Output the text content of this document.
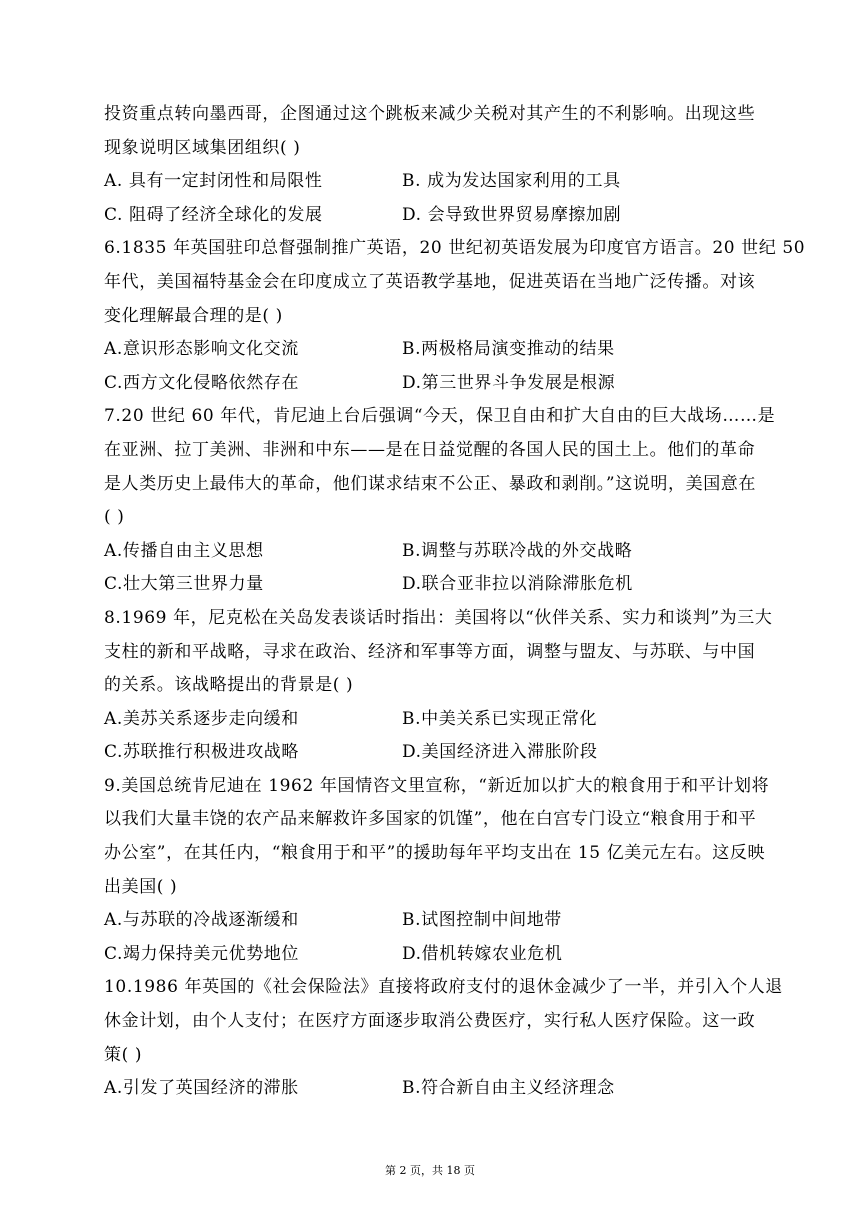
投资重点转向墨西哥，企图通过这个跳板来减少关税对其产生的不利影响。出现这些
现象说明区域集团组织( )
A. 具有一定封闭性和局限性	B. 成为发达国家利用的工具
C. 阻碍了经济全球化的发展	D. 会导致世界贸易摩擦加剧
6.1835 年英国驻印总督强制推广英语，20 世纪初英语发展为印度官方语言。20 世纪 50
年代，美国福特基金会在印度成立了英语教学基地，促进英语在当地广泛传播。对该
变化理解最合理的是( )
A.意识形态影响文化交流	B.两极格局演变推动的结果
C.西方文化侵略依然存在	D.第三世界斗争发展是根源
7.20 世纪 60 年代，肯尼迪上台后强调“今天，保卫自由和扩大自由的巨大战场……是
在亚洲、拉丁美洲、非洲和中东——是在日益觉醒的各国人民的国土上。他们的革命
是人类历史上最伟大的革命，他们谋求结束不公正、暴政和剥削。”这说明，美国意在
( )
A.传播自由主义思想	B.调整与苏联冷战的外交战略
C.壮大第三世界力量	D.联合亚非拉以消除滞胀危机
8.1969 年，尼克松在关岛发表谈话时指出：美国将以“伙伴关系、实力和谈判”为三大
支柱的新和平战略，寻求在政治、经济和军事等方面，调整与盟友、与苏联、与中国
的关系。该战略提出的背景是( )
A.美苏关系逐步走向缓和	B.中美关系已实现正常化
C.苏联推行积极进攻战略	D.美国经济进入滞胀阶段
9.美国总统肯尼迪在 1962 年国情咨文里宣称，“新近加以扩大的粮食用于和平计划将
以我们大量丰饶的农产品来解救许多国家的饥馑”，他在白宫专门设立“粮食用于和平
办公室”，在其任内，“粮食用于和平”的援助每年平均支出在 15 亿美元左右。这反映
出美国( )
A.与苏联的冷战逐渐缓和	B.试图控制中间地带
C.竭力保持美元优势地位	D.借机转嫁农业危机
10.1986 年英国的《社会保险法》直接将政府支付的退休金减少了一半，并引入个人退
休金计划，由个人支付；在医疗方面逐步取消公费医疗，实行私人医疗保险。这一政
策( )
A.引发了英国经济的滞胀	B.符合新自由主义经济理念
第 2 页，共 18 页
